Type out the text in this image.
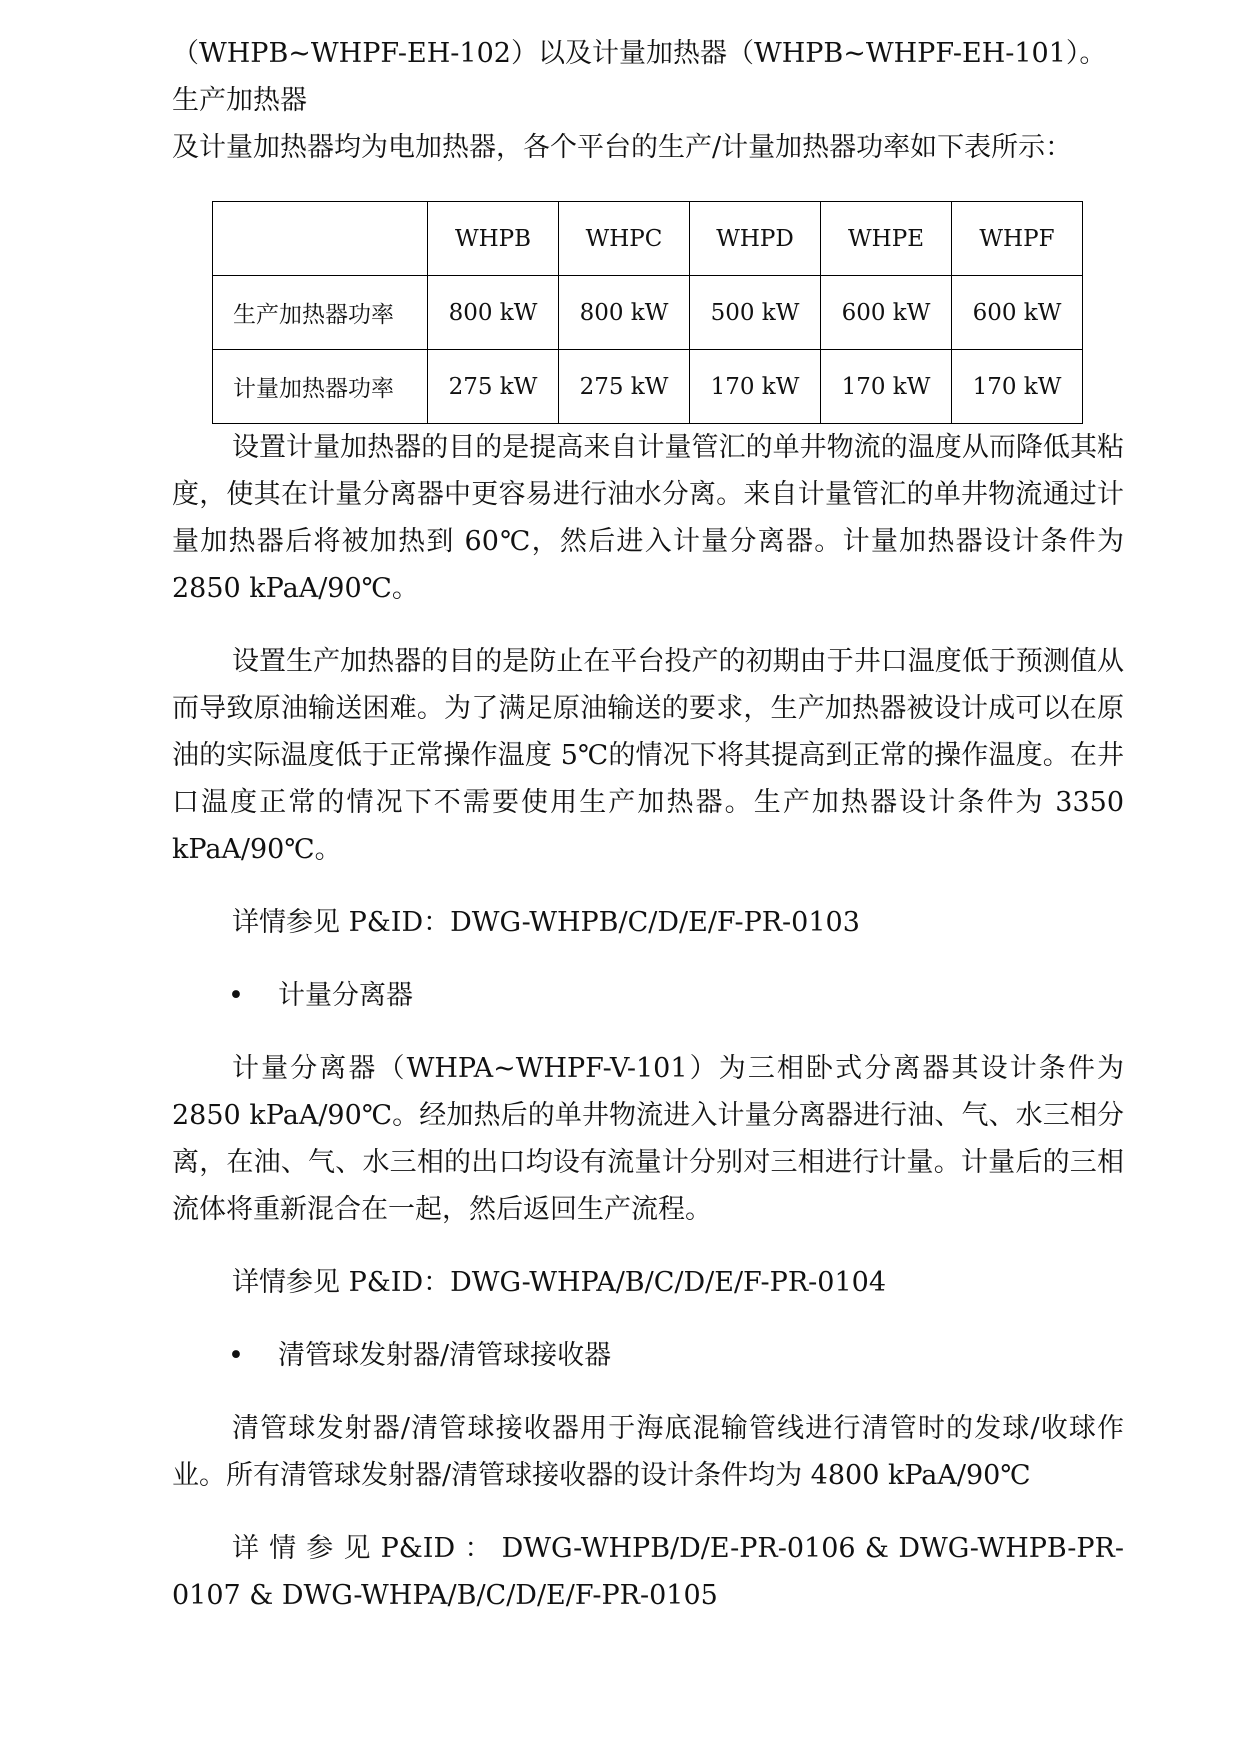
（WHPB~WHPF-EH-102）以及计量加热器（WHPB~WHPF-EH-101）。生产加热器

及计量加热器均为电加热器，各个平台的生产/计量加热器功率如下表所示：

	WHPB	WHPC	WHPD	WHPE	WHPF
生产加热器功率	800 kW	800 kW	500 kW	600 kW	600 kW
计量加热器功率	275 kW	275 kW	170 kW	170 kW	170 kW

设置计量加热器的目的是提高来自计量管汇的单井物流的温度从而降低其粘度，使其在计量分离器中更容易进行油水分离。来自计量管汇的单井物流通过计量加热器后将被加热到 60℃，然后进入计量分离器。计量加热器设计条件为 2850 kPaA/90℃。

设置生产加热器的目的是防止在平台投产的初期由于井口温度低于预测值从而导致原油输送困难。为了满足原油输送的要求，生产加热器被设计成可以在原油的实际温度低于正常操作温度 5℃的情况下将其提高到正常的操作温度。在井口温度正常的情况下不需要使用生产加热器。生产加热器设计条件为 3350 kPaA/90℃。

详情参见 P&ID：DWG-WHPB/C/D/E/F-PR-0103

• 计量分离器

计量分离器（WHPA~WHPF-V-101）为三相卧式分离器其设计条件为 2850 kPaA/90℃。经加热后的单井物流进入计量分离器进行油、气、水三相分离，在油、气、水三相的出口均设有流量计分别对三相进行计量。计量后的三相流体将重新混合在一起，然后返回生产流程。

详情参见 P&ID：DWG-WHPA/B/C/D/E/F-PR-0104

• 清管球发射器/清管球接收器

清管球发射器/清管球接收器用于海底混输管线进行清管时的发球/收球作业。所有清管球发射器/清管球接收器的设计条件均为 4800 kPaA/90℃

详 情 参 见 P&ID ： DWG-WHPB/D/E-PR-0106 & DWG-WHPB-PR-0107 & DWG-WHPA/B/C/D/E/F-PR-0105
